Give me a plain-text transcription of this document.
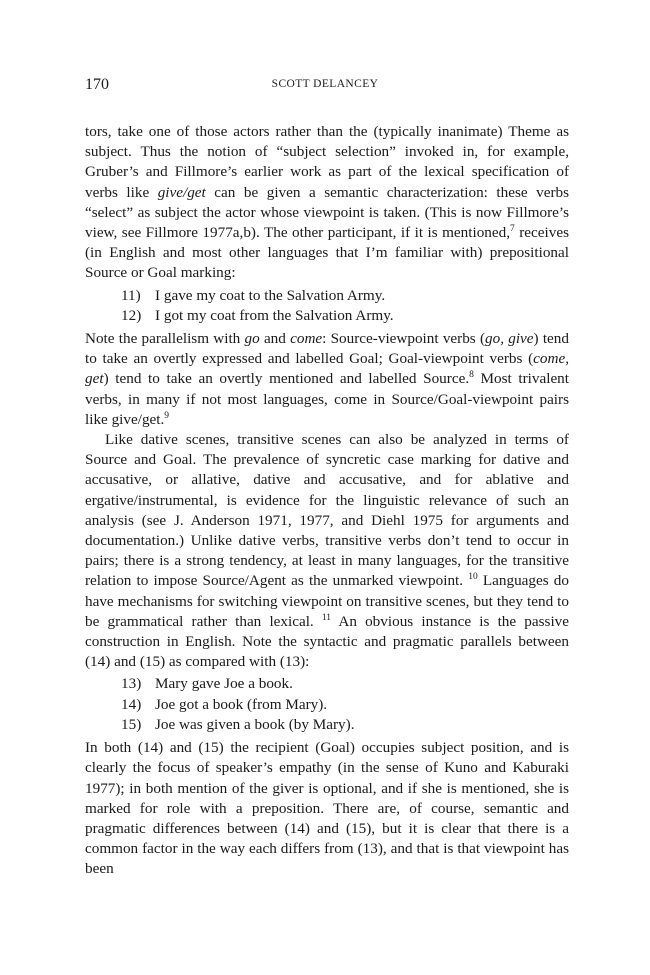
170	SCOTT DELANCEY

tors, take one of those actors rather than the (typically inanimate) Theme as subject. Thus the notion of “subject selection” invoked in, for example, Gruber’s and Fillmore’s earlier work as part of the lexical specification of verbs like give/get can be given a semantic characterization: these verbs “select” as subject the actor whose viewpoint is taken. (This is now Fillmore’s view, see Fillmore 1977a,b). The other participant, if it is mentioned,$^7$ receives (in English and most other languages that I’m familiar with) prepositional Source or Goal marking:

11) I gave my coat to the Salvation Army.
12) I got my coat from the Salvation Army.

Note the parallelism with go and come: Source-viewpoint verbs (go, give) tend to take an overtly expressed and labelled Goal; Goal-viewpoint verbs (come, get) tend to take an overtly mentioned and labelled Source.$^8$ Most trivalent verbs, in many if not most languages, come in Source/Goal-viewpoint pairs like give/get.$^9$

Like dative scenes, transitive scenes can also be analyzed in terms of Source and Goal. The prevalence of syncretic case marking for dative and accusative, or allative, dative and accusative, and for ablative and ergative/instrumental, is evidence for the linguistic relevance of such an analysis (see J. Anderson 1971, 1977, and Diehl 1975 for arguments and documentation.) Unlike dative verbs, transitive verbs don’t tend to occur in pairs; there is a strong tendency, at least in many languages, for the transitive relation to impose Source/Agent as the unmarked viewpoint. $^{10}$ Languages do have mechanisms for switching viewpoint on transitive scenes, but they tend to be grammatical rather than lexical. $^{11}$ An obvious instance is the passive construction in English. Note the syntactic and pragmatic parallels between (14) and (15) as compared with (13):

13) Mary gave Joe a book.
14) Joe got a book (from Mary).
15) Joe was given a book (by Mary).

In both (14) and (15) the recipient (Goal) occupies subject position, and is clearly the focus of speaker’s empathy (in the sense of Kuno and Kaburaki 1977); in both mention of the giver is optional, and if she is mentioned, she is marked for role with a preposition. There are, of course, semantic and pragmatic differences between (14) and (15), but it is clear that there is a common factor in the way each differs from (13), and that is that viewpoint has been
